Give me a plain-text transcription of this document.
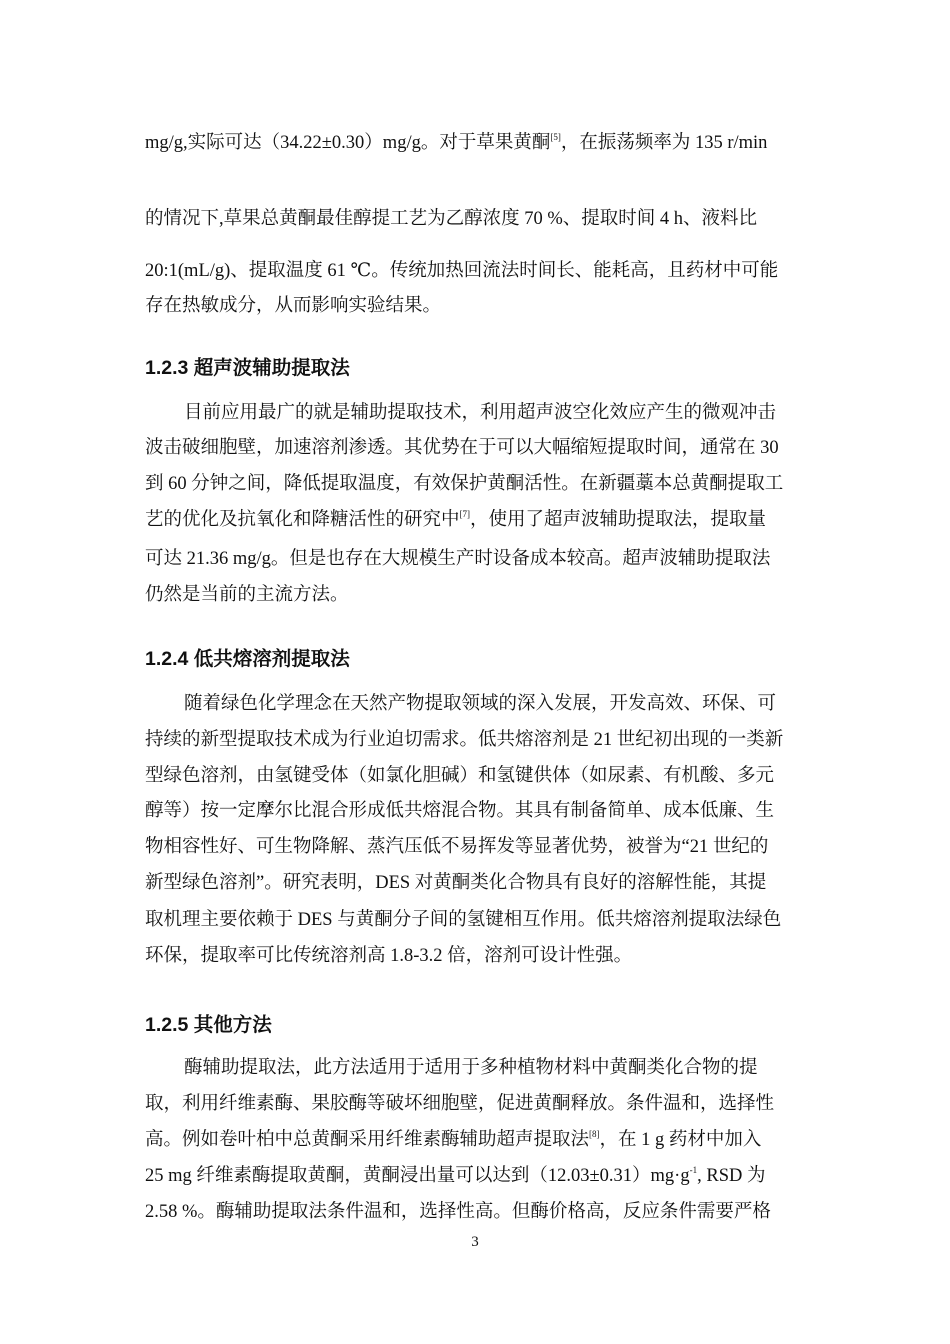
mg/g,实际可达（34.22±0.30）mg/g。对于草果黄酮[5]，在振荡频率为 135 r/min
的情况下,草果总黄酮最佳醇提工艺为乙醇浓度 70 %、提取时间 4 h、液料比
20:1(mL/g)、提取温度 61 ℃。传统加热回流法时间长、能耗高，且药材中可能
存在热敏成分，从而影响实验结果。
1.2.3 超声波辅助提取法
目前应用最广的就是辅助提取技术，利用超声波空化效应产生的微观冲击
波击破细胞壁，加速溶剂渗透。其优势在于可以大幅缩短提取时间，通常在 30
到 60 分钟之间，降低提取温度，有效保护黄酮活性。在新疆藁本总黄酮提取工
艺的优化及抗氧化和降糖活性的研究中[7]，使用了超声波辅助提取法，提取量
可达 21.36 mg/g。但是也存在大规模生产时设备成本较高。超声波辅助提取法
仍然是当前的主流方法。
1.2.4 低共熔溶剂提取法
随着绿色化学理念在天然产物提取领域的深入发展，开发高效、环保、可
持续的新型提取技术成为行业迫切需求。低共熔溶剂是 21 世纪初出现的一类新
型绿色溶剂，由氢键受体（如氯化胆碱）和氢键供体（如尿素、有机酸、多元
醇等）按一定摩尔比混合形成低共熔混合物。其具有制备简单、成本低廉、生
物相容性好、可生物降解、蒸汽压低不易挥发等显著优势，被誉为“21 世纪的
新型绿色溶剂”。研究表明，DES 对黄酮类化合物具有良好的溶解性能，其提
取机理主要依赖于 DES 与黄酮分子间的氢键相互作用。低共熔溶剂提取法绿色
环保，提取率可比传统溶剂高 1.8-3.2 倍，溶剂可设计性强。
1.2.5 其他方法
酶辅助提取法，此方法适用于适用于多种植物材料中黄酮类化合物的提
取，利用纤维素酶、果胶酶等破坏细胞壁，促进黄酮释放。条件温和，选择性
高。例如卷叶柏中总黄酮采用纤维素酶辅助超声提取法[8]，在 1 g 药材中加入
25 mg 纤维素酶提取黄酮，黄酮浸出量可以达到$(12.03\pm 0.31)mg\cdot g^{-1}$, RSD 为
2.58 %。酶辅助提取法条件温和，选择性高。但酶价格高，反应条件需要严格
3
